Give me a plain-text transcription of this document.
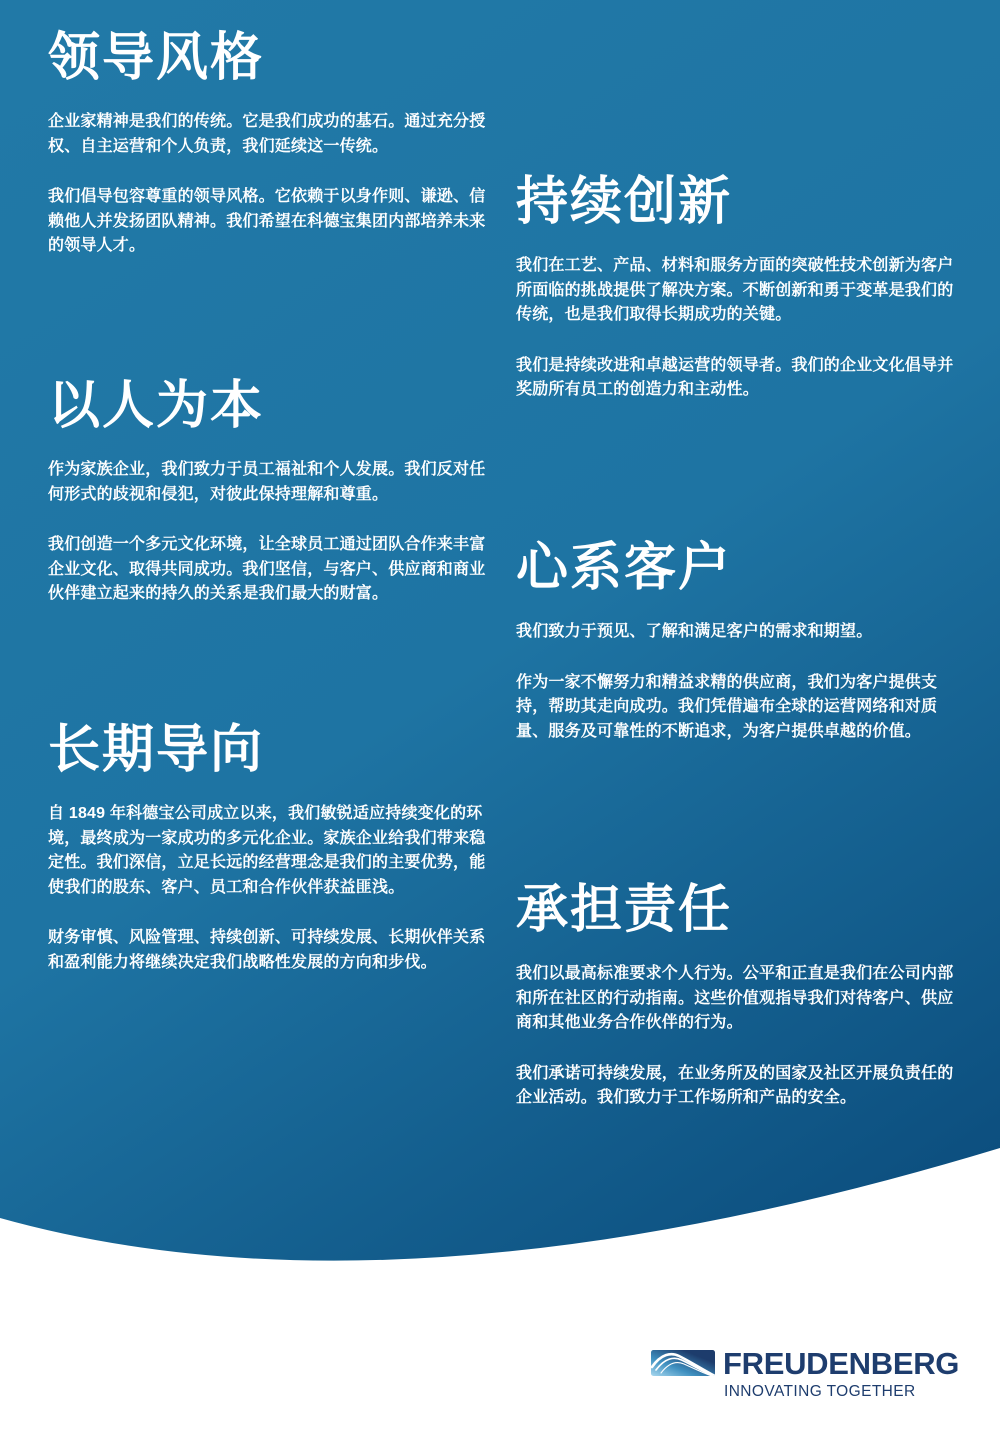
领导风格

企业家精神是我们的传统。它是我们成功的基石。通过充分授权、自主运营和个人负责，我们延续这一传统。

我们倡导包容尊重的领导风格。它依赖于以身作则、谦逊、信赖他人并发扬团队精神。我们希望在科德宝集团内部培养未来的领导人才。

以人为本

作为家族企业，我们致力于员工福祉和个人发展。我们反对任何形式的歧视和侵犯，对彼此保持理解和尊重。

我们创造一个多元文化环境，让全球员工通过团队合作来丰富企业文化、取得共同成功。我们坚信，与客户、供应商和商业伙伴建立起来的持久的关系是我们最大的财富。

长期导向

自 1849 年科德宝公司成立以来，我们敏锐适应持续变化的环境，最终成为一家成功的多元化企业。家族企业给我们带来稳定性。我们深信，立足长远的经营理念是我们的主要优势，能使我们的股东、客户、员工和合作伙伴获益匪浅。

财务审慎、风险管理、持续创新、可持续发展、长期伙伴关系和盈利能力将继续决定我们战略性发展的方向和步伐。

持续创新

我们在工艺、产品、材料和服务方面的突破性技术创新为客户所面临的挑战提供了解决方案。不断创新和勇于变革是我们的传统，也是我们取得长期成功的关键。

我们是持续改进和卓越运营的领导者。我们的企业文化倡导并奖励所有员工的创造力和主动性。

心系客户

我们致力于预见、了解和满足客户的需求和期望。

作为一家不懈努力和精益求精的供应商，我们为客户提供支持，帮助其走向成功。我们凭借遍布全球的运营网络和对质量、服务及可靠性的不断追求，为客户提供卓越的价值。

承担责任

我们以最高标准要求个人行为。公平和正直是我们在公司内部和所在社区的行动指南。这些价值观指导我们对待客户、供应商和其他业务合作伙伴的行为。

我们承诺可持续发展，在业务所及的国家及社区开展负责任的企业活动。我们致力于工作场所和产品的安全。

FREUDENBERG
INNOVATING TOGETHER
